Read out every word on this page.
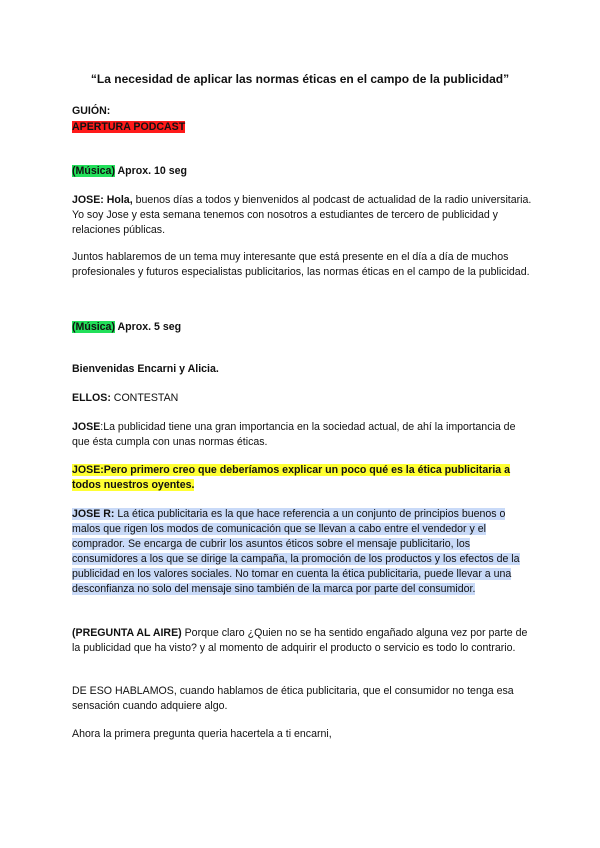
“La necesidad de aplicar las normas éticas en el campo de la publicidad”

GUIÓN:

APERTURA PODCAST

(Música) Aprox. 10 seg

JOSE: Hola, buenos días a todos y bienvenidos al podcast de actualidad de la radio universitaria. Yo soy Jose y esta semana tenemos con nosotros a estudiantes de tercero de publicidad y relaciones públicas.

Juntos hablaremos de un tema muy interesante que está presente en el día a día de muchos profesionales y futuros especialistas publicitarios, las normas éticas en el campo de la publicidad.

(Música) Aprox. 5 seg

Bienvenidas Encarni y Alicia.

ELLOS: CONTESTAN

JOSE:La publicidad tiene una gran importancia en la sociedad actual, de ahí la importancia de que ésta cumpla con unas normas éticas.

JOSE:Pero primero creo que deberíamos explicar un poco qué es la ética publicitaria a todos nuestros oyentes.

JOSE R: La ética publicitaria es la que hace referencia a un conjunto de principios buenos o malos que rigen los modos de comunicación que se llevan a cabo entre el vendedor y el comprador. Se encarga de cubrir los asuntos éticos sobre el mensaje publicitario, los consumidores a los que se dirige la campaña, la promoción de los productos y los efectos de la publicidad en los valores sociales. No tomar en cuenta la ética publicitaria, puede llevar a una desconfianza no solo del mensaje sino también de la marca por parte del consumidor.

(PREGUNTA AL AIRE) Porque claro ¿Quien no se ha sentido engañado alguna vez por parte de la publicidad que ha visto? y al momento de adquirir el producto o servicio es todo lo contrario.

DE ESO HABLAMOS, cuando hablamos de ética publicitaria, que el consumidor no tenga esa sensación cuando adquiere algo.

Ahora la primera pregunta queria hacertela a ti encarni,
